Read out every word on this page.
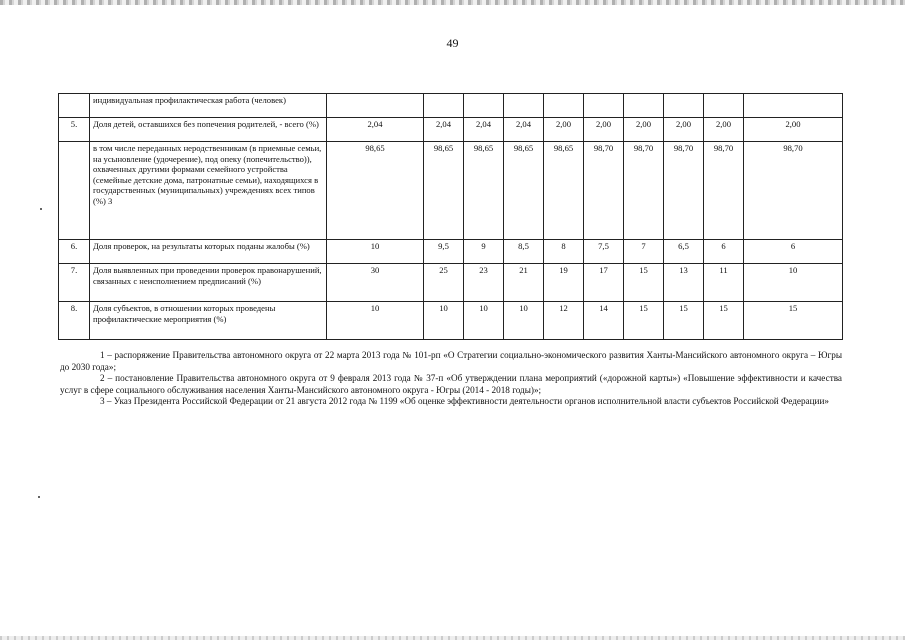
49
	индивидуальная профилактическая работа (человек)										
5.	Доля детей, оставшихся без попечения родителей, - всего (%)	2,04	2,04	2,04	2,04	2,00	2,00	2,00	2,00	2,00	2,00
	в том числе переданных неродственникам (в приемные семьи, на усыновление (удочерение), под опеку (попечительство)), охваченных другими формами семейного устройства (семейные детские дома, патронатные семьи), находящихся в государственных (муниципальных) учреждениях всех типов (%) 3	98,65	98,65	98,65	98,65	98,65	98,70	98,70	98,70	98,70	98,70
6.	Доля проверок, на результаты которых поданы жалобы (%)	10	9,5	9	8,5	8	7,5	7	6,5	6	6
7.	Доля выявленных при проведении проверок правонарушений, связанных с неисполнением предписаний (%)	30	25	23	21	19	17	15	13	11	10
8.	Доля субъектов, в отношении которых проведены профилактические мероприятия (%)	10	10	10	10	12	14	15	15	15	15

1 – распоряжение Правительства автономного округа от 22 марта 2013 года № 101-рп «О Стратегии социально-экономического развития Ханты-Мансийского автономного округа – Югры до 2030 года»;

2 – постановление Правительства автономного округа от 9 февраля 2013 года № 37-п «Об утверждении плана мероприятий («дорожной карты») «Повышение эффективности и качества услуг в сфере социального обслуживания населения Ханты-Мансийского автономного округа - Югры (2014 - 2018 годы)»;

3 – Указ Президента Российской Федерации от 21 августа 2012 года № 1199 «Об оценке эффективности деятельности органов исполнительной власти субъектов Российской Федерации»
